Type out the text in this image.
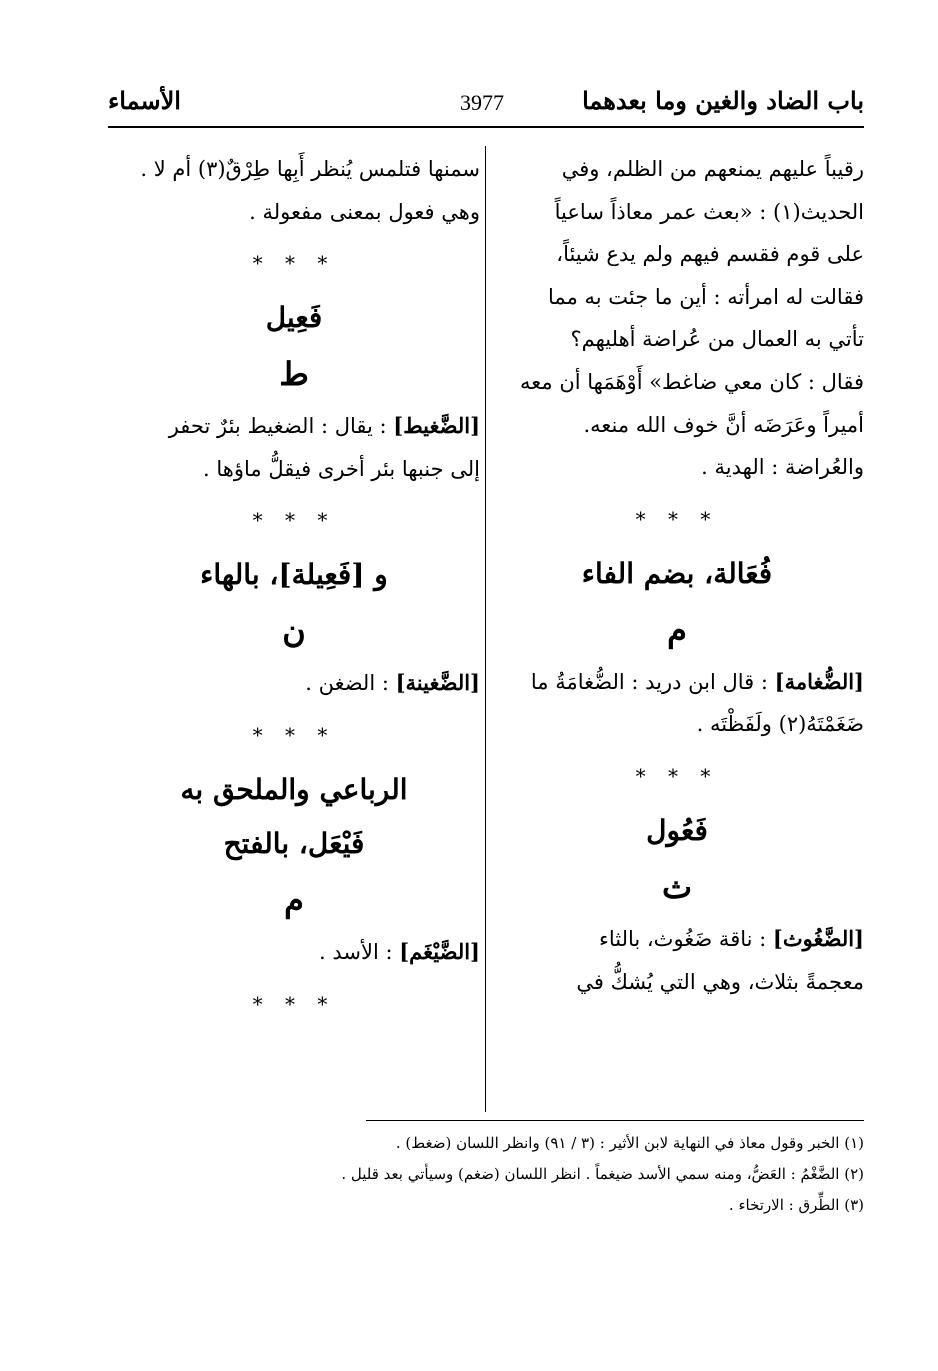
باب الضاد والغين وما بعدهما
3977
الأسماء

رقيباً عليهم يمنعهم من الظلم، وفي
الحديث(١) : «بعث عمر معاذاً ساعياً
على قوم فقسم فيهم ولم يدع شيئاً،
فقالت له امرأته : أين ما جئت به مما
تأتي به العمال من عُراضة أهليهم؟
فقال : كان معي ضاغط» أَوْهَمَها أن معه
أميراً وعَرَضَه أنَّ خوف الله منعه.
والعُراضة : الهدية .

* * *
فُعَالة، بضم الفاء
م

[الضُّغامة] : قال ابن دريد : الضُّغامَةُ ما
ضَغَمْتَهُ(٢) ولَفَظْتَه .

* * *
فَعُول
ث

[الضَّغُوث] : ناقة ضَغُوث، بالثاء
معجمةً بثلاث، وهي التي يُشكُّ في

سمنها فتلمس يُنظر أَبِها طِرْقٌ(٣) أم لا .
وهي فعول بمعنى مفعولة .

* * *
فَعِيل
ط

[الضَّغيط] : يقال : الضغيط بئرٌ تحفر
إلى جنبها بئر أخرى فيقلُّ ماؤها .

* * *
و [فَعِيلة]، بالهاء
ن

[الضَّغينة] : الضغن .

* * *
الرباعي والملحق به
فَيْعَل، بالفتح
م

[الضَّيْغَم] : الأسد .

* * *

(١) الخبر وقول معاذ في النهاية لابن الأثير : (٣ / ٩١) وانظر اللسان (ضغط) .

(٢) الضَّغْمُ : العَضُّ، ومنه سمي الأسد ضيغماً . انظر اللسان (ضغم) وسيأتي بعد قليل .

(٣) الطِّرق : الارتخاء .
